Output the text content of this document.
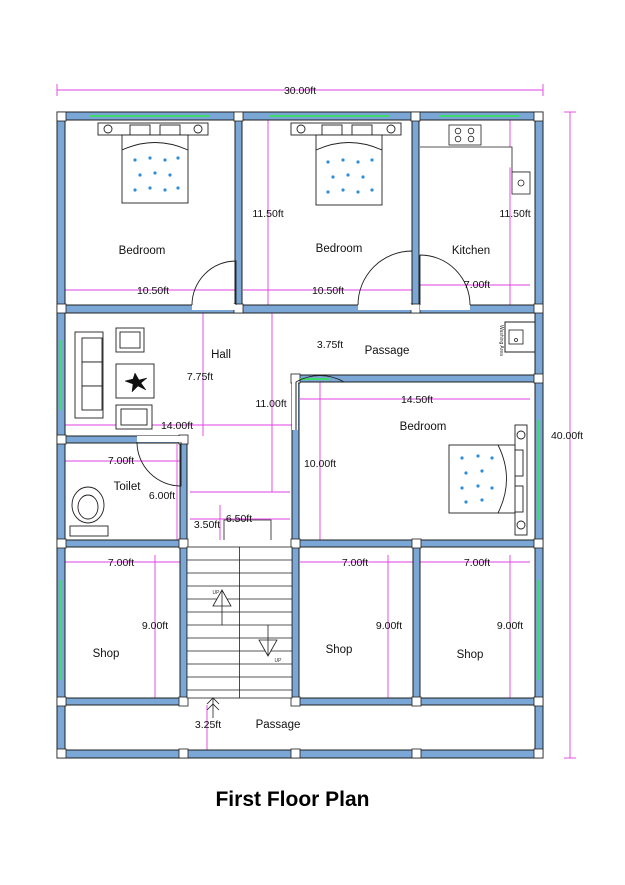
Washing Area
Bedroom	Bedroom	Kitchen
Hall	Passage
Bedroom
Toilet
Shop	Shop	Shop
Passage
30.00ft
40.00ft
10.50ft
11.50ft
10.50ft
11.50ft
7.00ft
3.75ft
7.75ft
14.00ft
11.00ft	14.50ft
10.00ft
7.00ft
6.00ft
3.50ft 6.50ft
7.00ft
9.00ft
7.00ft
9.00ft
7.00ft
9.00ft
3.25ft
UP
UP
First Floor Plan
